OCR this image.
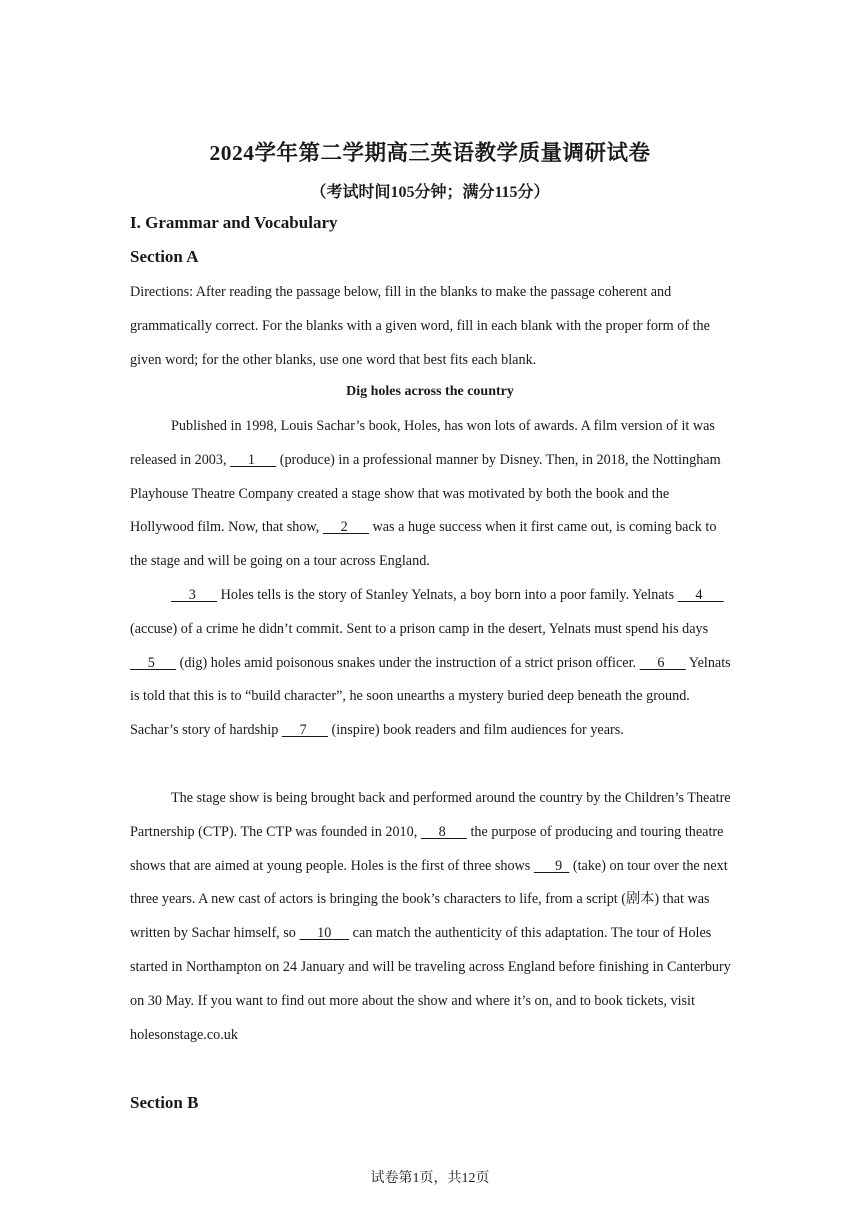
2024学年第二学期高三英语教学质量调研试卷
（考试时间105分钟；满分115分）
I. Grammar and Vocabulary
Section A
Directions: After reading the passage below, fill in the blanks to make the passage coherent and grammatically correct. For the blanks with a given word, fill in each blank with the proper form of the given word; for the other blanks, use one word that best fits each blank.
Dig holes across the country
Published in 1998, Louis Sachar’s book, Holes, has won lots of awards. A film version of it was released in 2003,      1       (produce) in a professional manner by Disney. Then, in 2018, the Nottingham Playhouse Theatre Company created a stage show that was motivated by both the book and the Hollywood film. Now, that show,      2       was a huge success when it first came out, is coming back to the stage and will be going on a tour across England.
3       Holes tells is the story of Stanley Yelnats, a boy born into a poor family. Yelnats      4       (accuse) of a crime he didn’t commit. Sent to a prison camp in the desert, Yelnats must spend his days      5       (dig) holes amid poisonous snakes under the instruction of a strict prison officer.      6       Yelnats is told that this is to “build character”, he soon unearths a mystery buried deep beneath the ground. Sachar’s story of hardship      7       (inspire) book readers and film audiences for years.
The stage show is being brought back and performed around the country by the Children’s Theatre Partnership (CTP). The CTP was founded in 2010,      8       the purpose of producing and touring theatre shows that are aimed at young people. Holes is the first of three shows       9   (take) on tour over the next three years. A new cast of actors is bringing the book’s characters to life, from a script (剧本) that was written by Sachar himself, so      10      can match the authenticity of this adaptation. The tour of Holes started in Northampton on 24 January and will be traveling across England before finishing in Canterbury on 30 May. If you want to find out more about the show and where it’s on, and to book tickets, visit holesonstage.co.uk
Section B
试卷第1页，共12页
